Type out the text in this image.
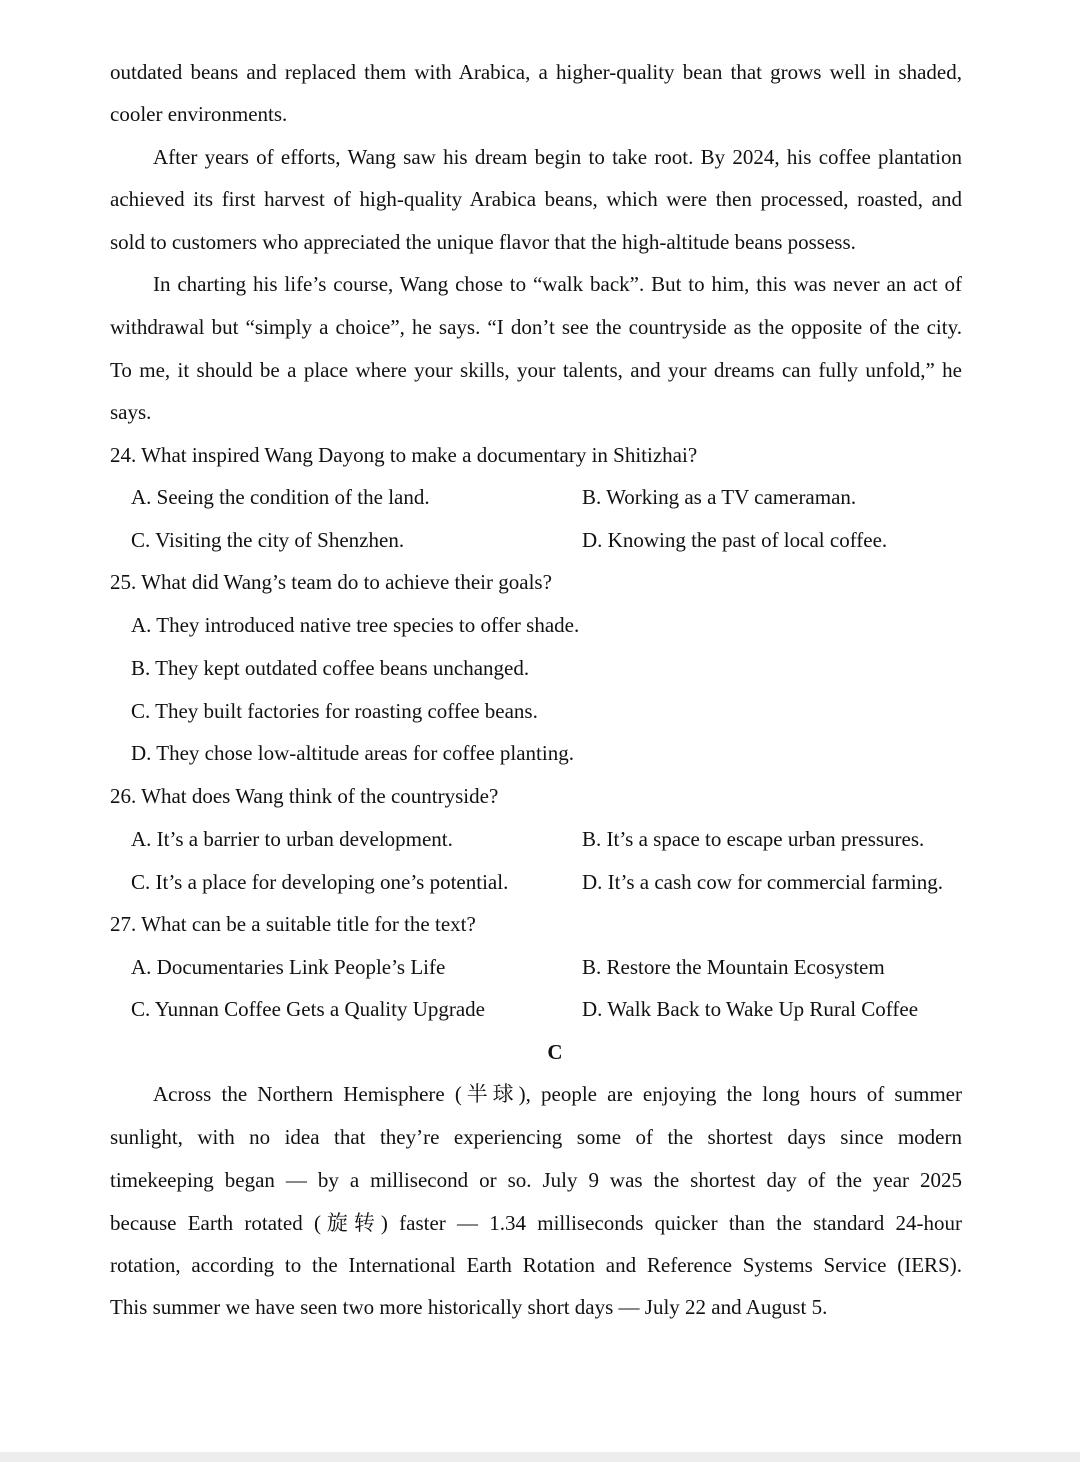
outdated beans and replaced them with Arabica, a higher-quality bean that grows well in shaded,
cooler environments.
After years of efforts, Wang saw his dream begin to take root. By 2024, his coffee plantation
achieved its first harvest of high-quality Arabica beans, which were then processed, roasted, and
sold to customers who appreciated the unique flavor that the high-altitude beans possess.
In charting his life’s course, Wang chose to “walk back”. But to him, this was never an act of
withdrawal but “simply a choice”, he says. “I don’t see the countryside as the opposite of the city.
To me, it should be a place where your skills, your talents, and your dreams can fully unfold,” he
says.
24. What inspired Wang Dayong to make a documentary in Shitizhai?
A. Seeing the condition of the land.	B. Working as a TV cameraman.
C. Visiting the city of Shenzhen.	D. Knowing the past of local coffee.
25. What did Wang’s team do to achieve their goals?
A. They introduced native tree species to offer shade.
B. They kept outdated coffee beans unchanged.
C. They built factories for roasting coffee beans.
D. They chose low-altitude areas for coffee planting.
26. What does Wang think of the countryside?
A. It’s a barrier to urban development.	B. It’s a space to escape urban pressures.
C. It’s a place for developing one’s potential.	D. It’s a cash cow for commercial farming.
27. What can be a suitable title for the text?
A. Documentaries Link People’s Life	B. Restore the Mountain Ecosystem
C. Yunnan Coffee Gets a Quality Upgrade	D. Walk Back to Wake Up Rural Coffee
C
Across the Northern Hemisphere (半球), people are enjoying the long hours of summer
sunlight, with no idea that they’re experiencing some of the shortest days since modern
timekeeping began — by a millisecond or so. July 9 was the shortest day of the year 2025
because Earth rotated (旋转) faster — 1.34 milliseconds quicker than the standard 24-hour
rotation, according to the International Earth Rotation and Reference Systems Service (IERS).
This summer we have seen two more historically short days — July 22 and August 5.
